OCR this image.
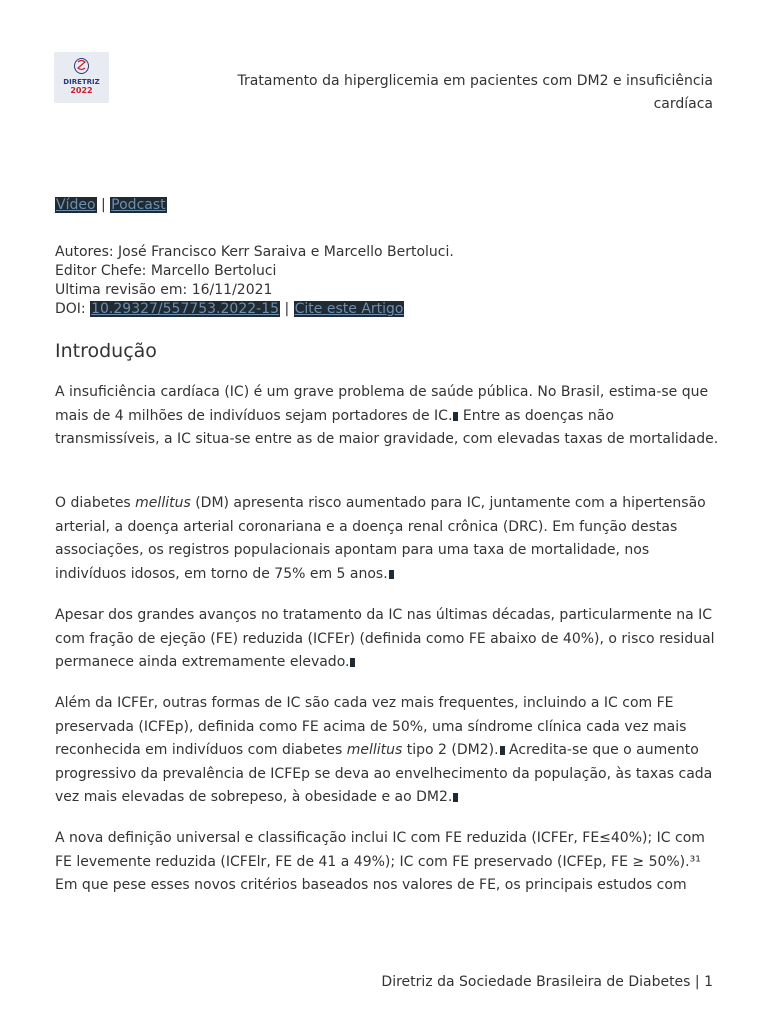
DIRETRIZ
2022
Tratamento da hiperglicemia em pacientes com DM2 e insuficiência cardíaca
Vídeo | Podcast
Autores: José Francisco Kerr Saraiva e Marcello Bertoluci.
Editor Chefe: Marcello Bertoluci
Ultima revisão em: 16/11/2021
DOI: 10.29327/557753.2022-15 | Cite este Artigo
Introdução

A insuficiência cardíaca (IC) é um grave problema de saúde pública. No Brasil, estima-se que mais de 4 milhões de indivíduos sejam portadores de IC. Entre as doenças não transmissíveis, a IC situa-se entre as de maior gravidade, com elevadas taxas de mortalidade.

O diabetes mellitus (DM) apresenta risco aumentado para IC, juntamente com a hipertensão arterial, a doença arterial coronariana e a doença renal crônica (DRC). Em função destas associações, os registros populacionais apontam para uma taxa de mortalidade, nos indivíduos idosos, em torno de 75% em 5 anos.

Apesar dos grandes avanços no tratamento da IC nas últimas décadas, particularmente na IC com fração de ejeção (FE) reduzida (ICFEr) (definida como FE abaixo de 40%), o risco residual permanece ainda extremamente elevado.

Além da ICFEr, outras formas de IC são cada vez mais frequentes, incluindo a IC com FE preservada (ICFEp), definida como FE acima de 50%, uma síndrome clínica cada vez mais reconhecida em indivíduos com diabetes mellitus tipo 2 (DM2). Acredita-se que o aumento progressivo da prevalência de ICFEp se deva ao envelhecimento da população, às taxas cada vez mais elevadas de sobrepeso, à obesidade e ao DM2.

A nova definição universal e classificação inclui IC com FE reduzida (ICFEr, FE≤40%); IC com FE levemente reduzida (ICFElr, FE de 41 a 49%); IC com FE preservado (ICFEp, FE ≥ 50%).³¹ Em que pese esses novos critérios baseados nos valores de FE, os principais estudos com

Diretriz da Sociedade Brasileira de Diabetes | 1
